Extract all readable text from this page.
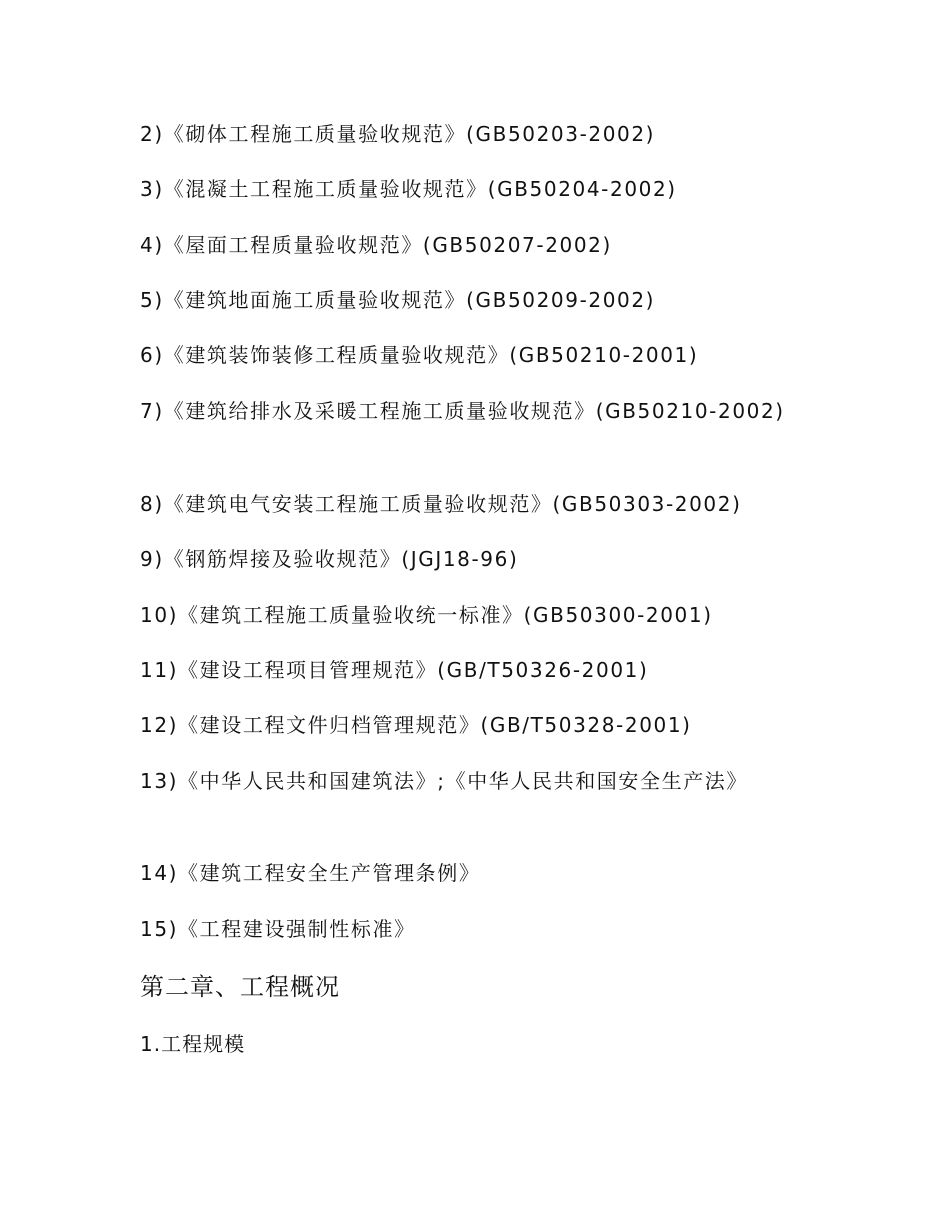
2)《砌体工程施工质量验收规范》(GB50203-2002)
3)《混凝土工程施工质量验收规范》(GB50204-2002)
4)《屋面工程质量验收规范》(GB50207-2002)
5)《建筑地面施工质量验收规范》(GB50209-2002)
6)《建筑装饰装修工程质量验收规范》(GB50210-2001)
7)《建筑给排水及采暖工程施工质量验收规范》(GB50210-2002)
8)《建筑电气安装工程施工质量验收规范》(GB50303-2002)
9)《钢筋焊接及验收规范》(JGJ18-96)
10)《建筑工程施工质量验收统一标准》(GB50300-2001)
11)《建设工程项目管理规范》(GB/T50326-2001)
12)《建设工程文件归档管理规范》(GB/T50328-2001)
13)《中华人民共和国建筑法》;《中华人民共和国安全生产法》
14)《建筑工程安全生产管理条例》
15)《工程建设强制性标准》
第二章、工程概况
1.工程规模
